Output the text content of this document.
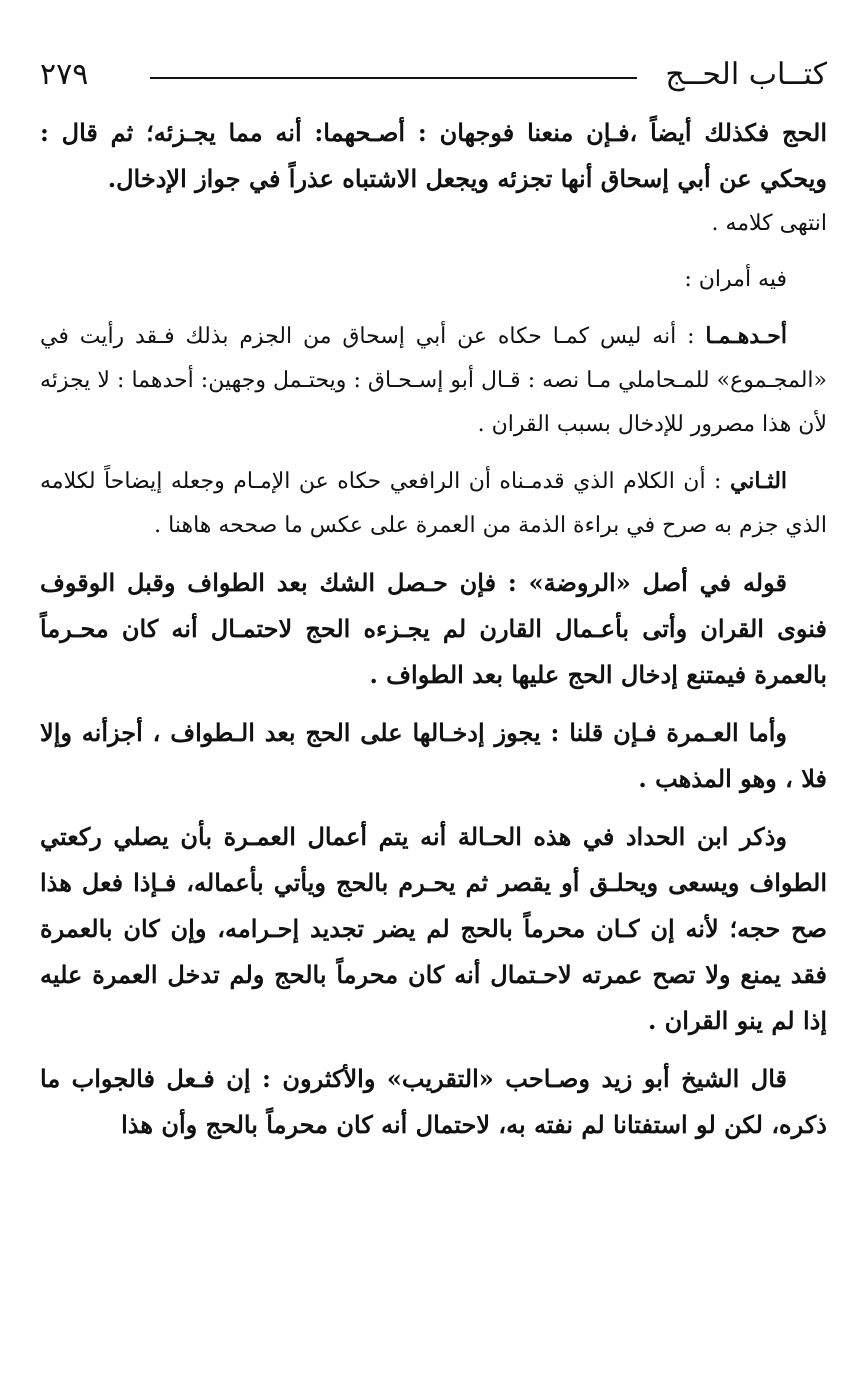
كتــاب الحــج
٢٧٩

الحج فكذلك أيضاً ،فـإن منعنا فوجهان : أصـحهما: أنه مما يجـزئه؛ ثم قال : ويحكي عن أبي إسحاق أنها تجزئه ويجعل الاشتباه عذراً في جواز الإدخال.

انتهى كلامه .

فيه أمران :

أحـدهـمـا : أنه ليس كمـا حكاه عن أبي إسحاق من الجزم بذلك فـقد رأيت في «المجـموع» للمـحاملي مـا نصه : قـال أبو إسـحـاق : ويحتـمل وجهين: أحدهما : لا يجزئه لأن هذا مصرور للإدخال بسبب القران .

الثـاني : أن الكلام الذي قدمـناه أن الرافعي حكاه عن الإمـام وجعله إيضاحاً لكلامه الذي جزم به صرح في براءة الذمة من العمرة على عكس ما صححه هاهنا .

قوله في أصل «الروضة» : فإن حـصل الشك بعد الطواف وقبل الوقوف فنوى القران وأتى بأعـمال القارن لم يجـزءه الحج لاحتمـال أنه كان محـرماً بالعمرة فيمتنع إدخال الحج عليها بعد الطواف .

وأما العـمرة فـإن قلنا : يجوز إدخـالها على الحج بعد الـطواف ، أجزأنه وإلا فلا ، وهو المذهب .

وذكر ابن الحداد في هذه الحـالة أنه يتم أعمال العمـرة بأن يصلي ركعتي الطواف ويسعى ويحلـق أو يقصر ثم يحـرم بالحج ويأتي بأعماله، فـإذا فعل هذا صح حجه؛ لأنه إن كـان محرماً بالحج لم يضر تجديد إحـرامه، وإن كان بالعمرة فقد يمنع ولا تصح عمرته لاحـتمال أنه كان محرماً بالحج ولم تدخل العمرة عليه إذا لم ينو القران .

قال الشيخ أبو زيد وصـاحب «التقريب» والأكثرون : إن فـعل فالجواب ما ذكره، لكن لو استفتانا لم نفته به، لاحتمال أنه كان محرماً بالحج وأن هذا
